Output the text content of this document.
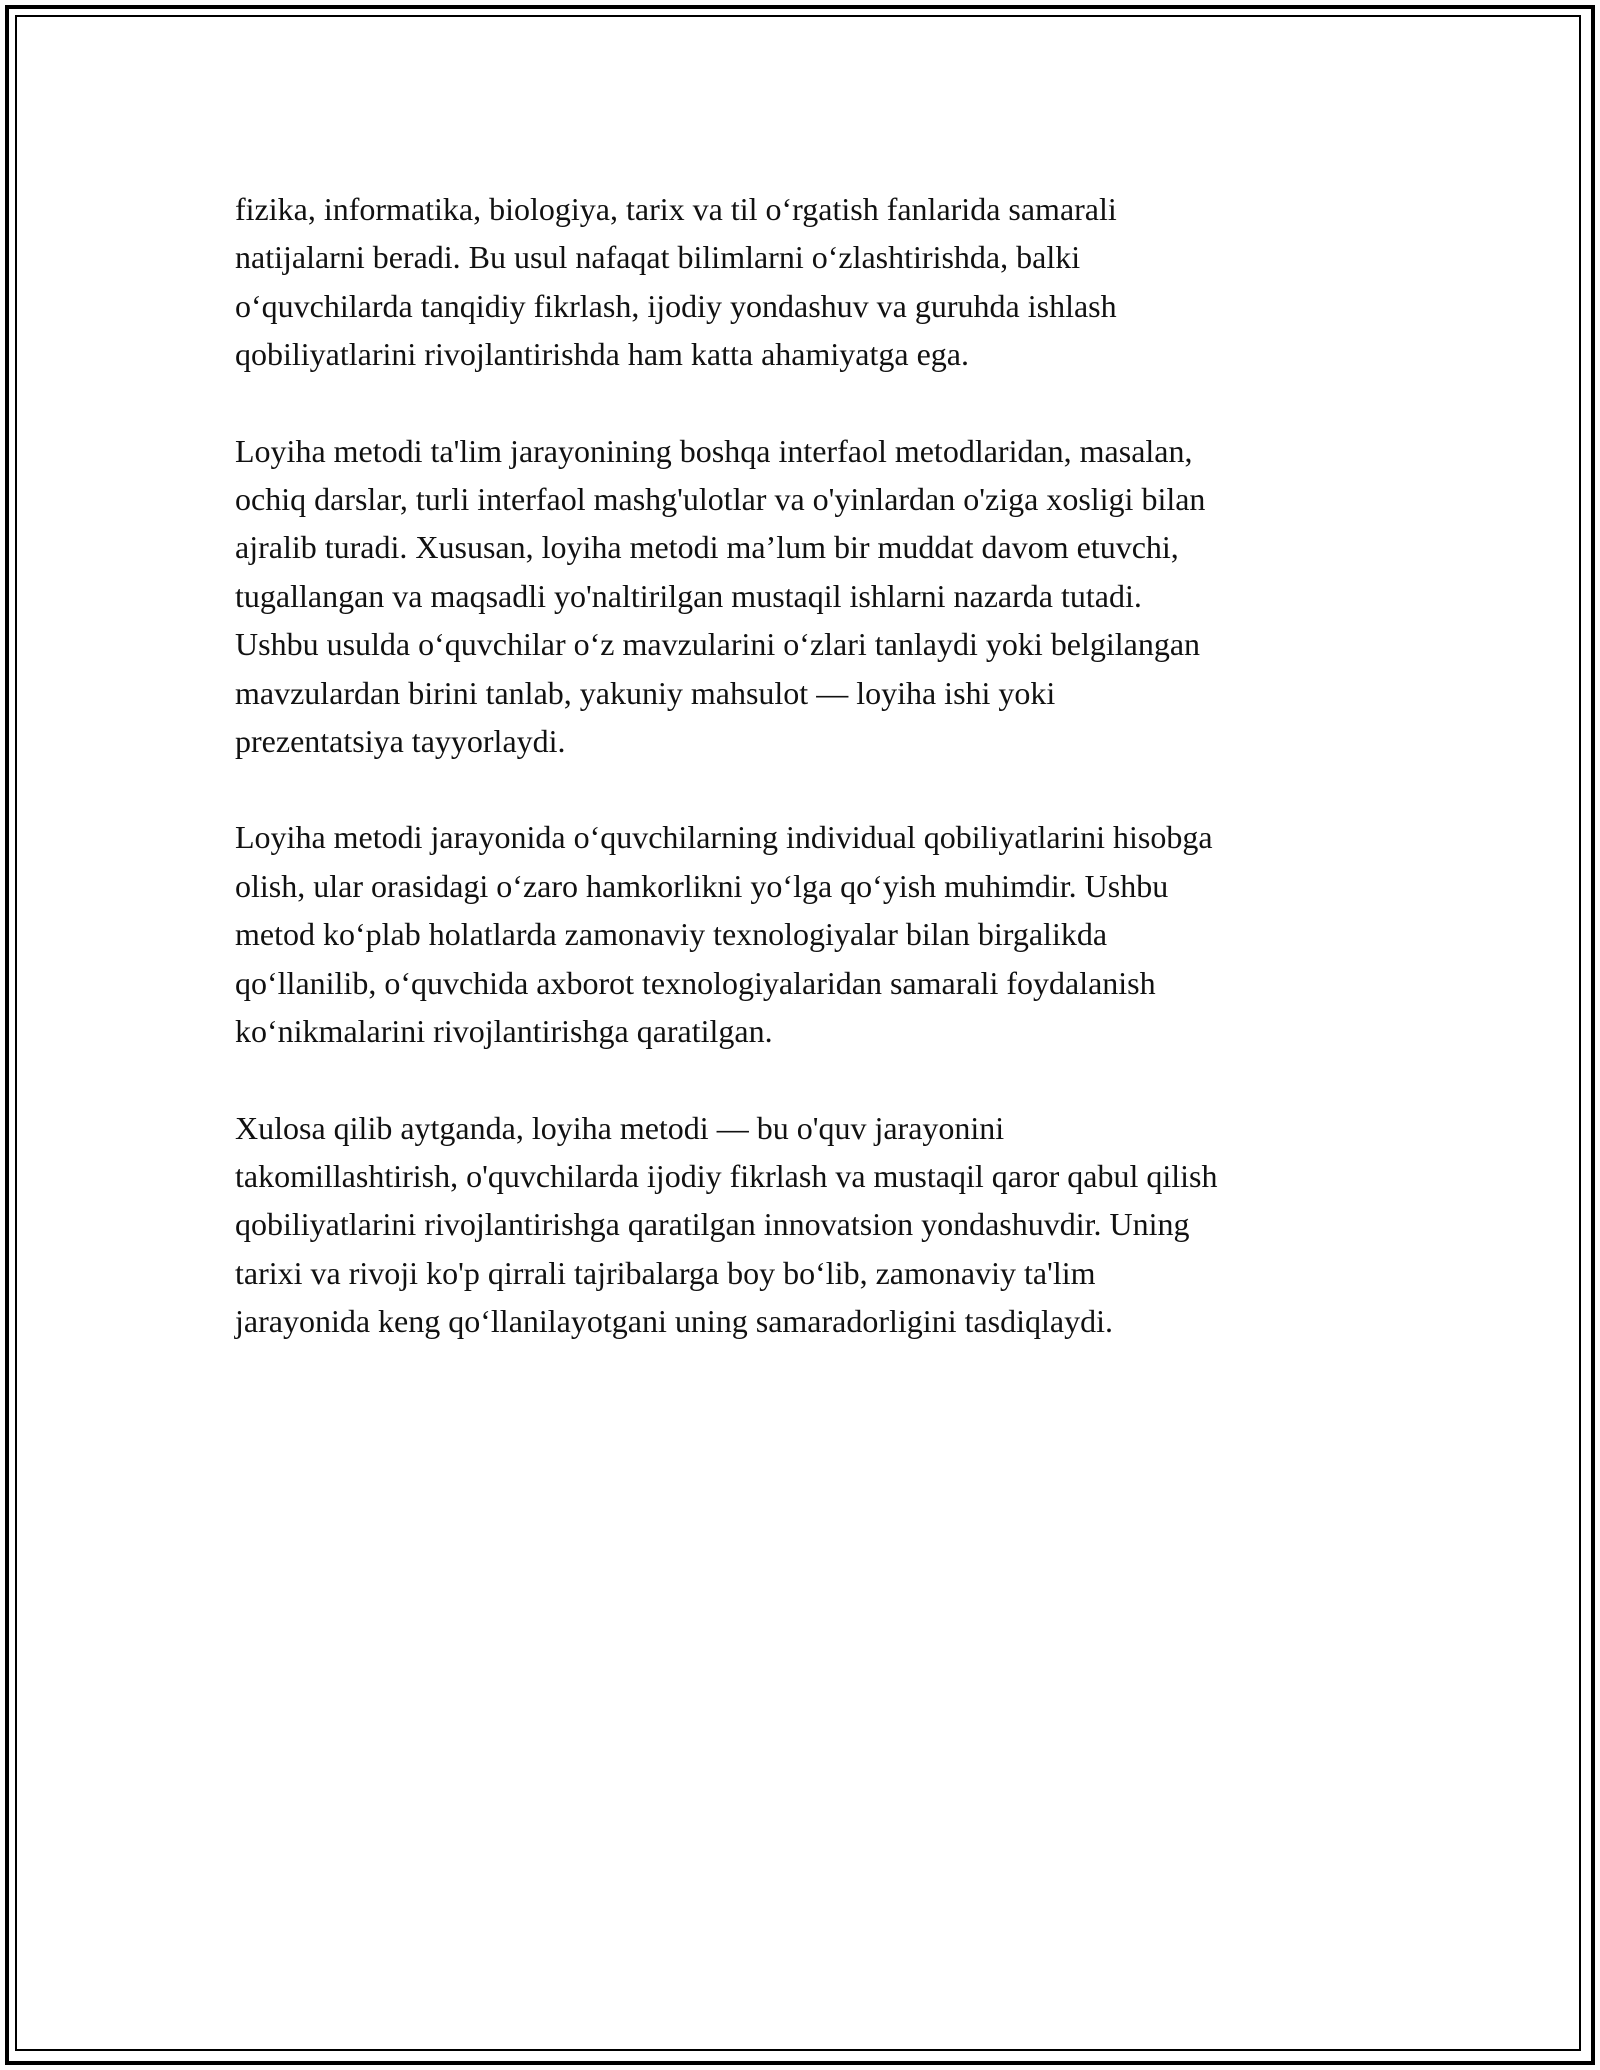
fizika, informatika, biologiya, tarix va til o‘rgatish fanlarida samarali
natijalarni beradi. Bu usul nafaqat bilimlarni o‘zlashtirishda, balki
o‘quvchilarda tanqidiy fikrlash, ijodiy yondashuv va guruhda ishlash
qobiliyatlarini rivojlantirishda ham katta ahamiyatga ega.

Loyiha metodi ta'lim jarayonining boshqa interfaol metodlaridan, masalan,
ochiq darslar, turli interfaol mashg'ulotlar va o'yinlardan o'ziga xosligi bilan
ajralib turadi. Xususan, loyiha metodi ma’lum bir muddat davom etuvchi,
tugallangan va maqsadli yo'naltirilgan mustaqil ishlarni nazarda tutadi.
Ushbu usulda o‘quvchilar o‘z mavzularini o‘zlari tanlaydi yoki belgilangan
mavzulardan birini tanlab, yakuniy mahsulot — loyiha ishi yoki
prezentatsiya tayyorlaydi.

Loyiha metodi jarayonida o‘quvchilarning individual qobiliyatlarini hisobga
olish, ular orasidagi o‘zaro hamkorlikni yo‘lga qo‘yish muhimdir. Ushbu
metod ko‘plab holatlarda zamonaviy texnologiyalar bilan birgalikda
qo‘llanilib, o‘quvchida axborot texnologiyalaridan samarali foydalanish
ko‘nikmalarini rivojlantirishga qaratilgan.

Xulosa qilib aytganda, loyiha metodi — bu o'quv jarayonini
takomillashtirish, o'quvchilarda ijodiy fikrlash va mustaqil qaror qabul qilish
qobiliyatlarini rivojlantirishga qaratilgan innovatsion yondashuvdir. Uning
tarixi va rivoji ko'p qirrali tajribalarga boy bo‘lib, zamonaviy ta'lim
jarayonida keng qo‘llanilayotgani uning samaradorligini tasdiqlaydi.
